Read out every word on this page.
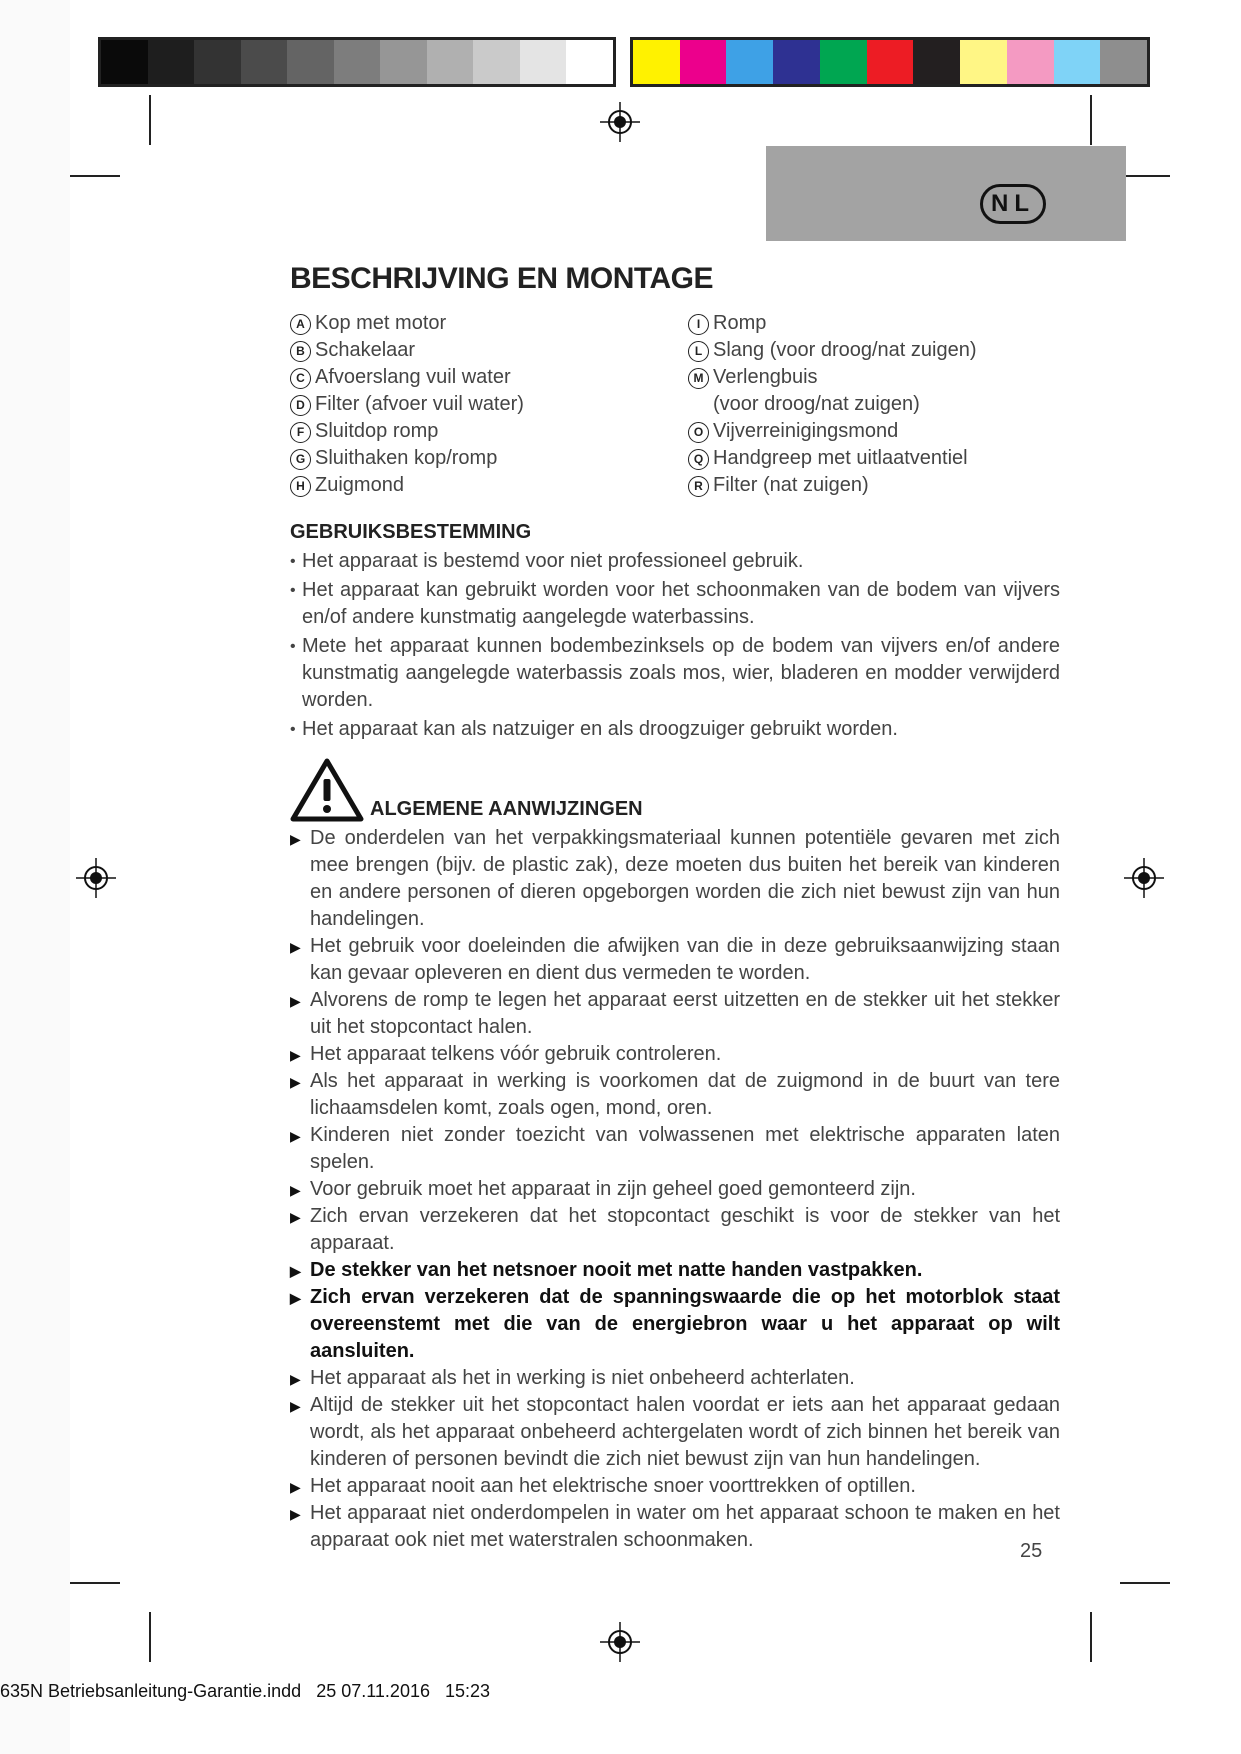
NL
BESCHRIJVING EN MONTAGE
A Kop met motor
B Schakelaar
C Afvoerslang vuil water
D Filter (afvoer vuil water)
F Sluitdop romp
G Sluithaken kop/romp
H Zuigmond
I Romp
L Slang (voor droog/nat zuigen)
M Verlengbuis
(voor droog/nat zuigen)
O Vijverreinigingsmond
Q Handgreep met uitlaatventiel
R Filter (nat zuigen)
GEBRUIKSBESTEMMING
• Het apparaat is bestemd voor niet professioneel gebruik.
• Het apparaat kan gebruikt worden voor het schoonmaken van de bodem van vijvers en/of andere kunstmatig aangelegde waterbassins.
• Mete het apparaat kunnen bodembezinksels op de bodem van vijvers en/of andere kunstmatig aangelegde waterbassis zoals mos, wier, bladeren en modder verwijderd worden.
• Het apparaat kan als natzuiger en als droogzuiger gebruikt worden.
ALGEMENE AANWIJZINGEN
▶ De onderdelen van het verpakkingsmateriaal kunnen potentiële gevaren met zich mee brengen (bijv. de plastic zak), deze moeten dus buiten het bereik van kinderen en andere personen of dieren opgeborgen worden die zich niet bewust zijn van hun handelingen.
▶ Het gebruik voor doeleinden die afwijken van die in deze gebruiksaanwijzing staan kan gevaar opleveren en dient dus vermeden te worden.
▶ Alvorens de romp te legen het apparaat eerst uitzetten en de stekker uit het stekker uit het stopcontact halen.
▶ Het apparaat telkens vóór gebruik controleren.
▶ Als het apparaat in werking is voorkomen dat de zuigmond in de buurt van tere lichaamsdelen komt, zoals ogen, mond, oren.
▶ Kinderen niet zonder toezicht van volwassenen met elektrische apparaten laten spelen.
▶ Voor gebruik moet het apparaat in zijn geheel goed gemonteerd zijn.
▶ Zich ervan verzekeren dat het stopcontact geschikt is voor de stekker van het apparaat.
▶ De stekker van het netsnoer nooit met natte handen vastpakken.
▶ Zich ervan verzekeren dat de spanningswaarde die op het motorblok staat overeenstemt met die van de energiebron waar u het apparaat op wilt aansluiten.
▶ Het apparaat als het in werking is niet onbeheerd achterlaten.
▶ Altijd de stekker uit het stopcontact halen voordat er iets aan het apparaat gedaan wordt, als het apparaat onbeheerd achtergelaten wordt of zich binnen het bereik van kinderen of personen bevindt die zich niet bewust zijn van hun handelingen.
▶ Het apparaat nooit aan het elektrische snoer voorttrekken of optillen.
▶ Het apparaat niet onderdompelen in water om het apparaat schoon te maken en het apparaat ook niet met waterstralen schoonmaken.	25
635N Betriebsanleitung-Garantie.indd   25 07.11.2016   15:23
